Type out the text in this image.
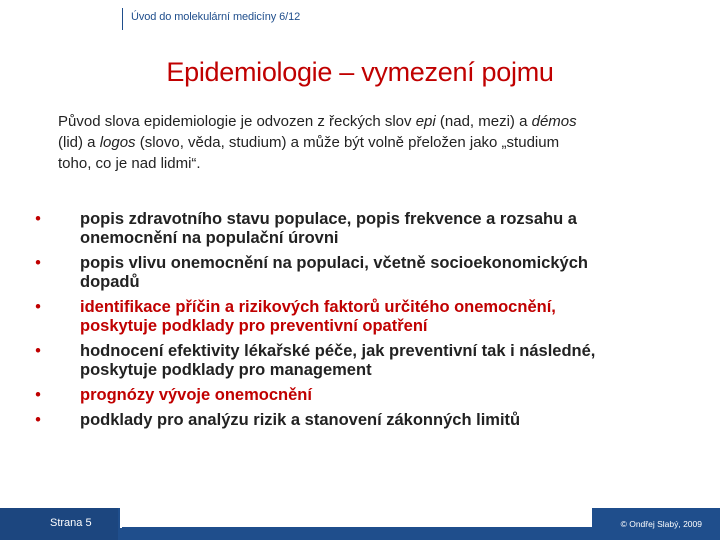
Úvod do molekulární medicíny 6/12
Epidemiologie – vymezení pojmu
Původ slova epidemiologie je odvozen z řeckých slov epi (nad, mezi) a démos
(lid) a logos (slovo, věda, studium) a může být volně přeložen jako „studium
toho, co je nad lidmi“.
•	popis zdravotního stavu populace, popis frekvence a rozsahu a
onemocnění na populační úrovni
•	popis vlivu onemocnění na populaci, včetně socioekonomických
dopadů
•	identifikace příčin a rizikových faktorů určitého onemocnění,
poskytuje podklady pro preventivní opatření
•	hodnocení efektivity lékařské péče, jak preventivní tak i následné,
poskytuje podklady pro management
•	prognózy vývoje onemocnění
•	podklady pro analýzu rizik a stanovení zákonných limitů
Strana 5	© Ondřej Slabý, 2009
